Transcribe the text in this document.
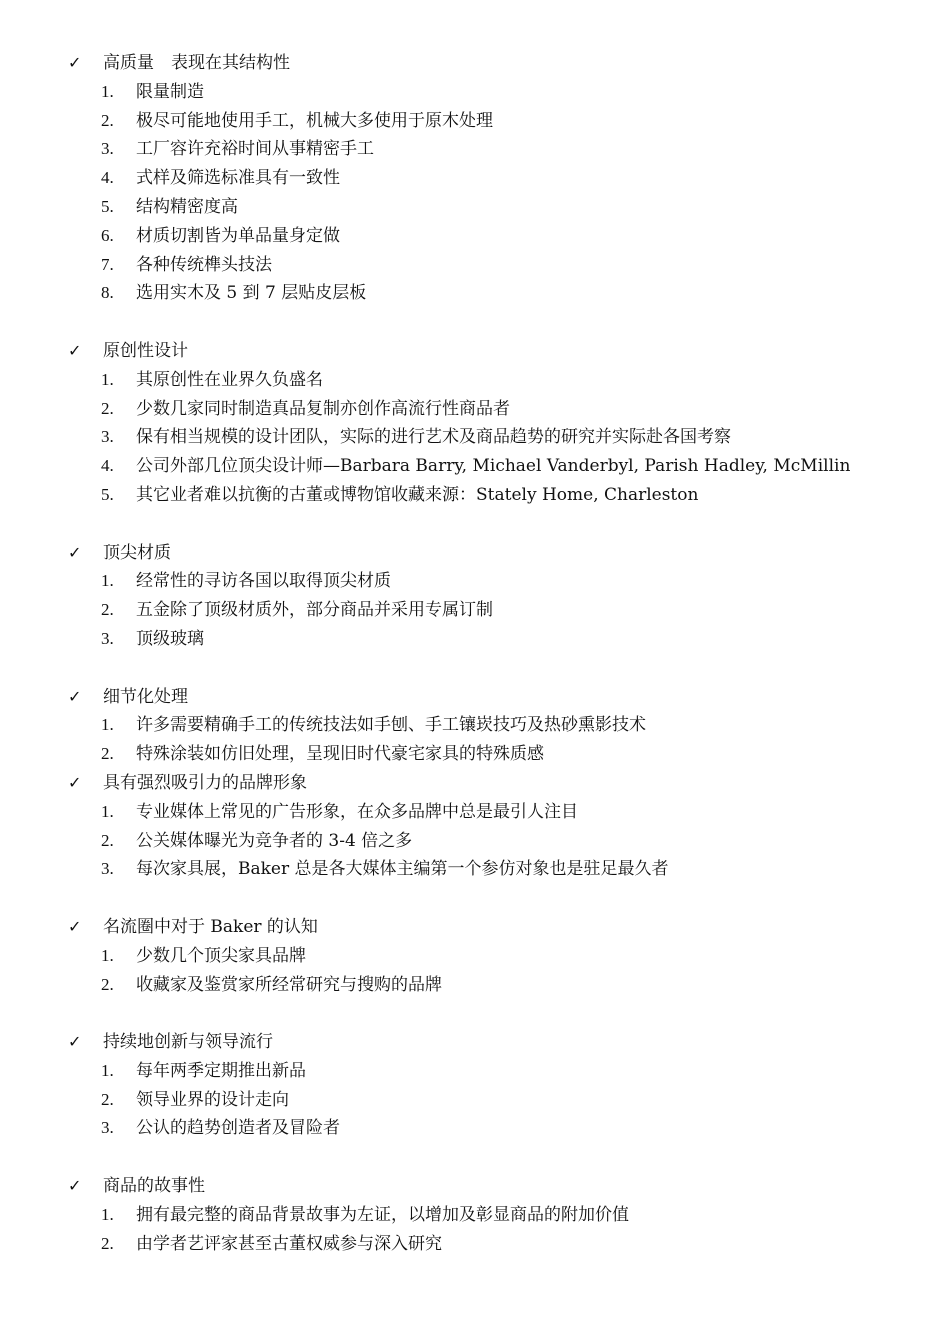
✓	高质量　表现在其结构性
1. 限量制造
2. 极尽可能地使用手工，机械大多使用于原木处理
3. 工厂容许充裕时间从事精密手工
4. 式样及筛选标准具有一致性
5. 结构精密度高
6. 材质切割皆为单品量身定做
7. 各种传统榫头技法
8. 选用实木及 5 到 7 层贴皮层板
✓	原创性设计
1. 其原创性在业界久负盛名
2. 少数几家同时制造真品复制亦创作高流行性商品者
3. 保有相当规模的设计团队，实际的进行艺术及商品趋势的研究并实际赴各国考察
4. 公司外部几位顶尖设计师—Barbara Barry, Michael Vanderbyl, Parish Hadley, McMillin
5. 其它业者难以抗衡的古董或博物馆收藏来源：Stately Home, Charleston
✓	顶尖材质
1. 经常性的寻访各国以取得顶尖材质
2. 五金除了顶级材质外，部分商品并采用专属订制
3. 顶级玻璃
✓	细节化处理
1. 许多需要精确手工的传统技法如手刨、手工镶崁技巧及热砂熏影技术
2. 特殊涂装如仿旧处理，呈现旧时代豪宅家具的特殊质感
✓	具有强烈吸引力的品牌形象
1. 专业媒体上常见的广告形象，在众多品牌中总是最引人注目
2. 公关媒体曝光为竞争者的 3-4 倍之多
3. 每次家具展，Baker 总是各大媒体主编第一个参仿对象也是驻足最久者
✓	名流圈中对于 Baker 的认知
1. 少数几个顶尖家具品牌
2. 收藏家及鉴赏家所经常研究与搜购的品牌
✓	持续地创新与领导流行
1. 每年两季定期推出新品
2. 领导业界的设计走向
3. 公认的趋势创造者及冒险者
✓	商品的故事性
1. 拥有最完整的商品背景故事为左证，以增加及彰显商品的附加价值
2. 由学者艺评家甚至古董权威参与深入研究
